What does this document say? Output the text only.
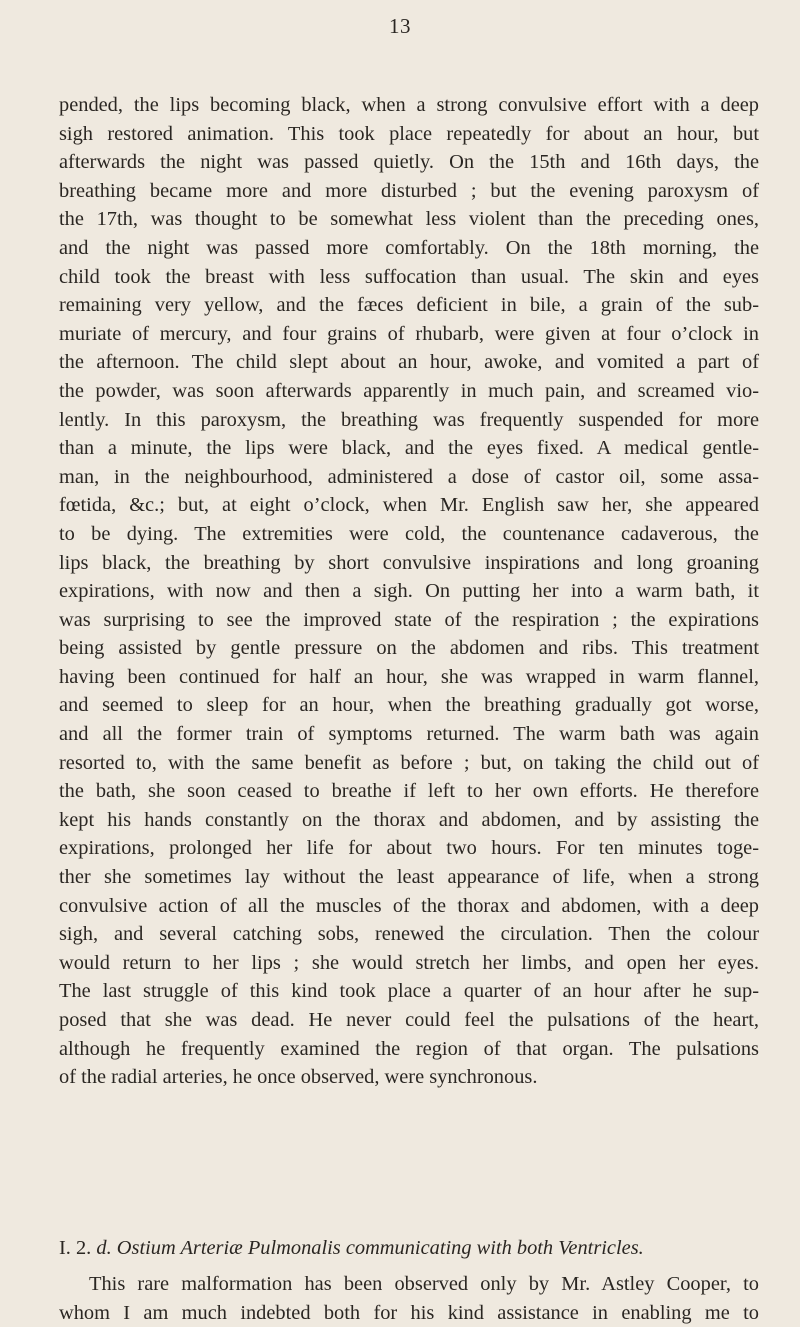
13
pended, the lips becoming black, when a strong convulsive effort with a deep
sigh restored animation. This took place repeatedly for about an hour, but
afterwards the night was passed quietly. On the 15th and 16th days, the
breathing became more and more disturbed ; but the evening paroxysm of
the 17th, was thought to be somewhat less violent than the preceding ones,
and the night was passed more comfortably. On the 18th morning, the
child took the breast with less suffocation than usual. The skin and eyes
remaining very yellow, and the fæces deficient in bile, a grain of the sub-
muriate of mercury, and four grains of rhubarb, were given at four o’clock in
the afternoon. The child slept about an hour, awoke, and vomited a part of
the powder, was soon afterwards apparently in much pain, and screamed vio-
lently. In this paroxysm, the breathing was frequently suspended for more
than a minute, the lips were black, and the eyes fixed. A medical gentle-
man, in the neighbourhood, administered a dose of castor oil, some assa-
fœtida, &c.; but, at eight o’clock, when Mr. English saw her, she appeared
to be dying. The extremities were cold, the countenance cadaverous, the
lips black, the breathing by short convulsive inspirations and long groaning
expirations, with now and then a sigh. On putting her into a warm bath, it
was surprising to see the improved state of the respiration ; the expirations
being assisted by gentle pressure on the abdomen and ribs. This treatment
having been continued for half an hour, she was wrapped in warm flannel,
and seemed to sleep for an hour, when the breathing gradually got worse,
and all the former train of symptoms returned. The warm bath was again
resorted to, with the same benefit as before ; but, on taking the child out of
the bath, she soon ceased to breathe if left to her own efforts. He therefore
kept his hands constantly on the thorax and abdomen, and by assisting the
expirations, prolonged her life for about two hours. For ten minutes toge-
ther she sometimes lay without the least appearance of life, when a strong
convulsive action of all the muscles of the thorax and abdomen, with a deep
sigh, and several catching sobs, renewed the circulation. Then the colour
would return to her lips ; she would stretch her limbs, and open her eyes.
The last struggle of this kind took place a quarter of an hour after he sup-
posed that she was dead. He never could feel the pulsations of the heart,
although he frequently examined the region of that organ. The pulsations
of the radial arteries, he once observed, were synchronous.
I. 2. d. Ostium Arteriæ Pulmonalis communicating with both Ventricles.
This rare malformation has been observed only by Mr. Astley Cooper, to
whom I am much indebted both for his kind assistance in enabling me to
